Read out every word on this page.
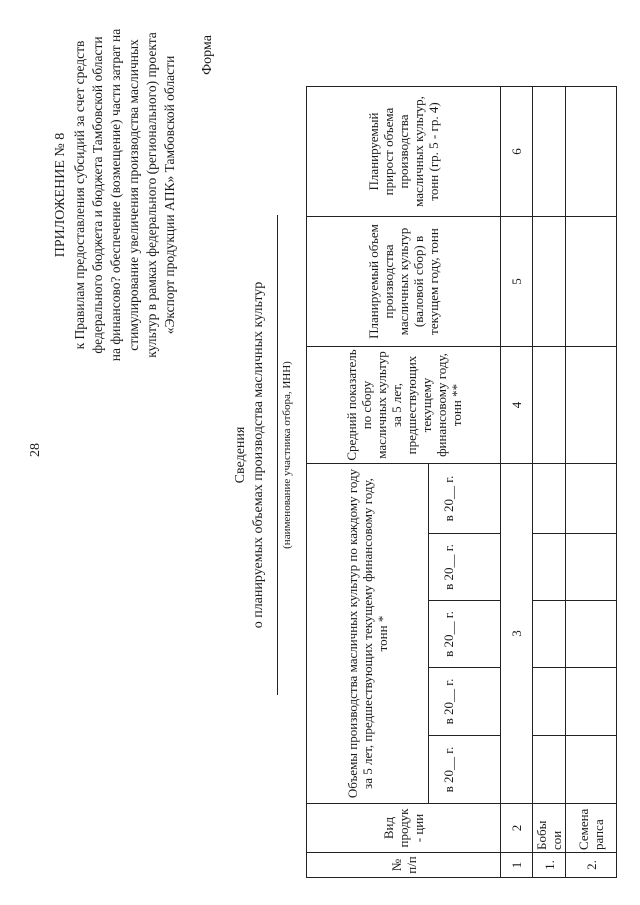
28
ПРИЛОЖЕНИЕ № 8 к Правилам предоставления субсидий за счет средств федерального бюджета и бюджета Тамбовской области на финансово? обеспечение (возмещение) части затрат на стимулирование увеличения производства масличных культур в рамках федерального (регионального) проекта «Экспорт продукции АПК» Тамбовской области
Форма
Сведения о планируемых объемах производства масличных культур (наименование участника отбора, ИНН)
№ п/п	Вид продук - ции	Объемы производства масличных культур по каждому году за 5 лет, предшествующих текущему финансовому году, тонн *					Средний показатель по сбору масличных культур за 5 лет, предшествующих текущему финансовому году, тонн **	Планируемый объем производства масличных культур (валовой сбор) в текущем году, тонн	Планируемый прирост объема производства масличных культур, тонн (гр. 5 - гр. 4)
		в 20__ г.	в 20__ г.	в 20__ г.	в 20__ г.	в 20__ г.			
1	2	3					4	5	6
1.	Бобы сои								
2.	Семена рапса								
